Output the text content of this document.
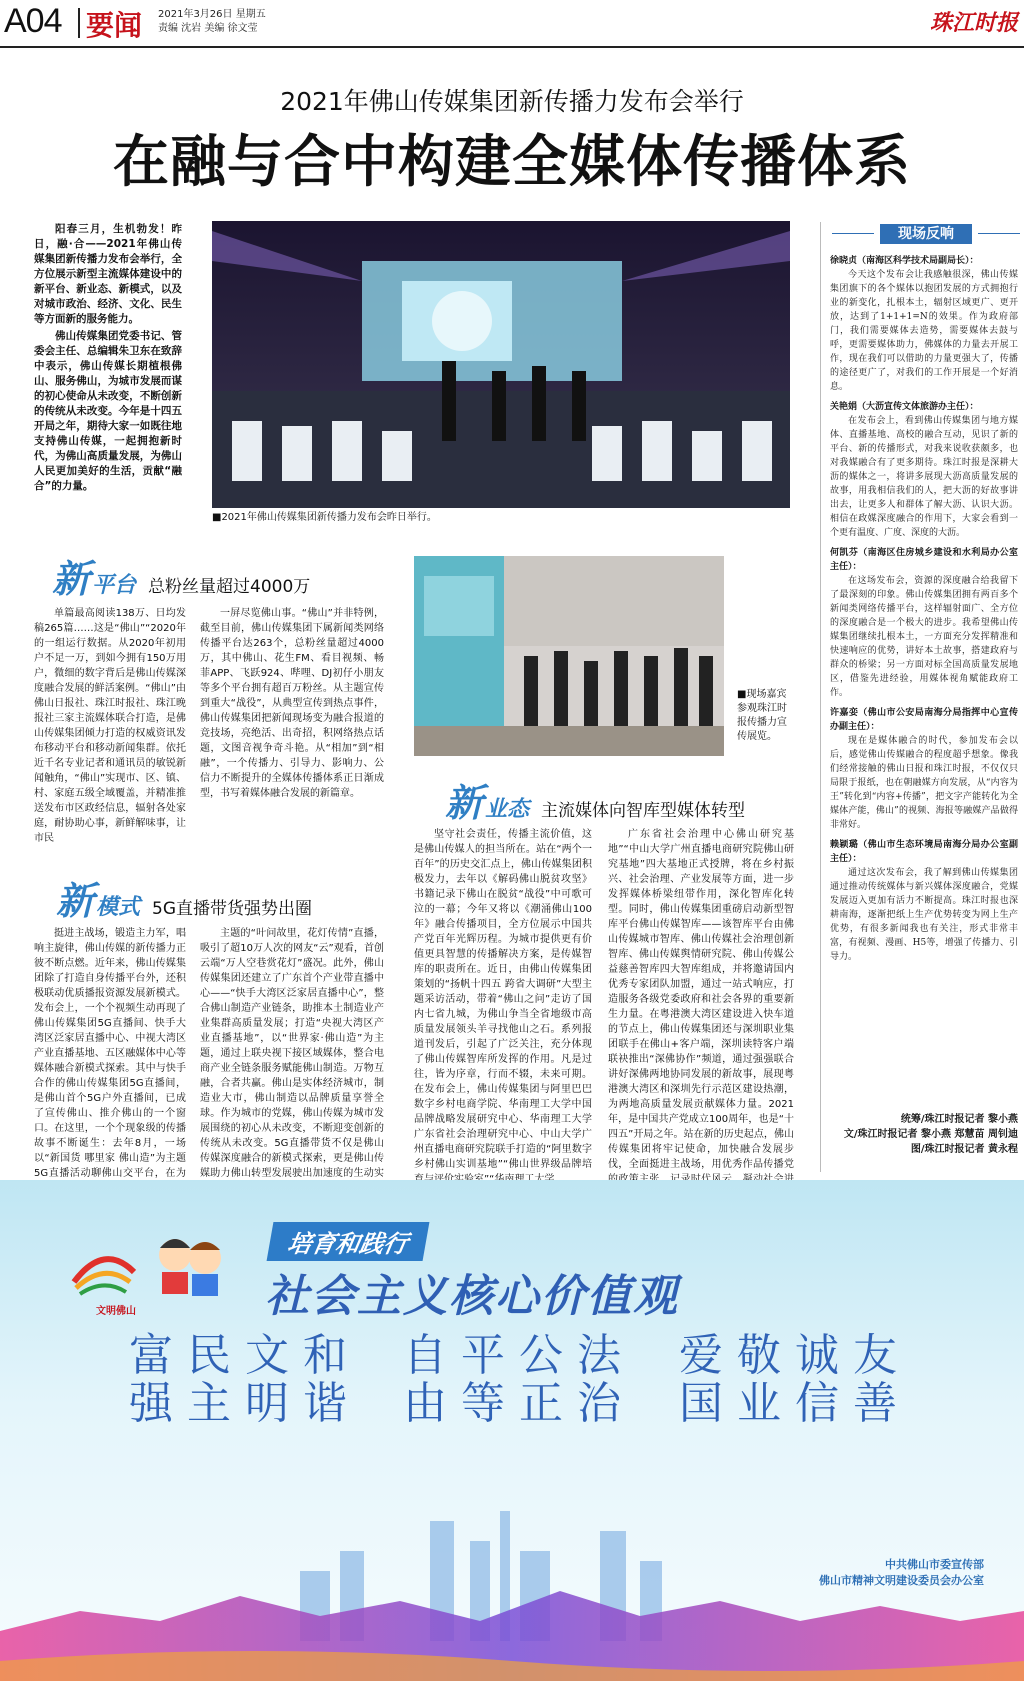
A04 要闻 2021年3月26日 星期五
责编 沈岩 美编 徐文莹	珠江时报
2021年佛山传媒集团新传播力发布会举行
在融与合中构建全媒体传播体系

阳春三月，生机勃发！昨日，融·合——2021年佛山传媒集团新传播力发布会举行，全方位展示新型主流媒体建设中的新平台、新业态、新模式，以及对城市政治、经济、文化、民生等方面新的服务能力。

佛山传媒集团党委书记、管委会主任、总编辑朱卫东在致辞中表示，佛山传媒长期植根佛山、服务佛山，为城市发展而谋的初心使命从未改变，不断创新的传统从未改变。今年是十四五开局之年，期待大家一如既往地支持佛山传媒，一起拥抱新时代，为佛山高质量发展，为佛山人民更加美好的生活，贡献“融合”的力量。

■2021年佛山传媒集团新传播力发布会昨日举行。
新 平台 总粉丝量超过4000万

单篇最高阅读138万、日均发稿265篇……这是“佛山”“2020年的一组运行数据。从2020年初用户不足一万，到如今拥有150万用户，微细的数字背后是佛山传媒深度融合发展的鲜活案例。“佛山”由佛山日报社、珠江时报社、珠江晚报社三家主流媒体联合打造，是佛山传媒集团倾力打造的权威资讯发布移动平台和移动新闻集群。依托近千名专业记者和通讯员的敏锐新闻触角，“佛山”实现市、区、镇、村、家庭五级全域覆盖，并精准推送发布市区政经信息，辐射各处家庭，耐协助心事，新鲜解味事，让市民

一屏尽览佛山事。“佛山”并非特例，截至目前，佛山传媒集团下属新闻类网络传播平台达263个，总粉丝量超过4000万，其中佛山、花生FM、看目视频、畅菲APP、飞跃924、哔哩、DJ初仔小朋友等多个平台拥有超百万粉丝。从主题宣传到重大“战役”，从典型宣传到热点事件，佛山传媒集团把新闻现场变为融合报道的竞技场，亮绝活、出奇招，积网络热点话题，文图音视争奇斗艳。从“相加”到“相融”，一个传播力、引导力、影响力、公信力不断提升的全媒体传播体系正日渐成型，书写着媒体融合发展的新篇章。

■现场嘉宾参观珠江时报传播力宣传展览。
新 业态 主流媒体向智库型媒体转型

坚守社会责任，传播主流价值，这是佛山传媒人的担当所在。站在“两个一百年”的历史交汇点上，佛山传媒集团积极发力，去年以《解码佛山脱贫攻坚》书籍记录下佛山在脱贫“战役”中可歌可泣的一幕；今年又将以《潮涌佛山100年》融合传播项目，全方位展示中国共产党百年光辉历程。为城市提供更有价值更具智慧的传播解决方案，是传媒智库的职责所在。近日，由佛山传媒集团策划的“扬帆十四五 跨省大调研”大型主题采访活动，带着“佛山之问”走访了国内七省九城，为佛山争当全省地级市高质量发展领头羊寻找他山之石。系列报道刊发后，引起了广泛关注，充分体现了佛山传媒智库所发挥的作用。凡是过往，皆为序章，行而不辍，未来可期。在发布会上，佛山传媒集团与阿里巴巴数字乡村电商学院、华南理工大学中国品牌战略发展研究中心、华南理工大学广东省社会治理研究中心、中山大学广州直播电商研究院联手打造的“阿里数字乡村佛山实训基地”“佛山世界级品牌培

广东省社会治理中心佛山研究基地”“中山大学广州直播电商研究院佛山研究基地”四大基地正式授牌，将在乡村振兴、社会治理、产业发展等方面，进一步发挥媒体桥梁纽带作用，深化智库化转型。同时，佛山传媒集团重磅启动新型智库平台佛山传媒智库——该智库平台由佛山传媒城市智库、佛山传媒社会治理创新智库、佛山传媒舆情研究院、佛山传媒公益慈善智库四大智库组成，并将邀请国内优秀专家团队加盟，通过一站式响应，打造服务各级党委政府和社会各界的重要新生力量。在粤港澳大湾区建设进入快车道的节点上，佛山传媒集团还与深圳职业集团联手在佛山+客户端，深圳读特客户端联袂推出“深佛协作”频道，通过强强联合讲好深佛两地协同发展的新故事，展现粤港澳大湾区和深圳先行示范区建设热潮，为两地高质量发展贡献媒体力量。2021年，是中国共产党成立100周年，也是“十四五”开局之年。站在新的历史起点，佛山传媒集团将牢记使命，加快融合发展步伐，全面挺进主战场，用优秀作品传播党

新 模式 5G直播带货强势出圈

挺进主战场，锻造主力军，唱响主旋律，佛山传媒的新传播力正彼不断点燃。近年来，佛山传媒集团除了打造自身传播平台外，还积极联动优质播报资源发展新模式。发布会上，一个个视频生动再现了佛山传媒集团5G直播间、快手大湾区泛家居直播中心、中视大湾区产业直播基地、五区融媒体中心等媒体融合新模式探索。其中与快手合作的佛山传媒集团5G直播间，是佛山首个5G户外直播间，已成了宣传佛山、推介佛山的一个窗口。在这里，一个个现象级的传播故事不断诞生：去年8月，一场以“新国货 哪里家 佛山造”为主题5G直播活动聊佛山交平台，在为

主题的“叶问故里，花灯传情”直播，吸引了超10万人次的网友“云”观看，首创云端“万人空巷赏花灯”盛况。此外，佛山传媒集团还建立了广东首个产业带直播中心——“快手大湾区泛家居直播中心”，整合佛山制造产业链条，助推本土制造业产业集群高质量发展；打造“央视大湾区产业直播基地”，以“世界家·佛山造”为主题，通过上联央视下接区域媒体，整合电商产业全链条服务赋能佛山制造。万物互融，合者共赢。佛山是实体经济城市，制造业大市，佛山制造以品牌质量享誉全球。作为城市的党媒，佛山传媒为城市发展围绕的初心从未改变，不断迎变创新的传统从未改变。5G直播带货不仅是佛山传媒深度融合的新模式探索，更是佛山传媒助力佛山转型发展驶出加速度的生动实

现场反响
徐晓贞（南海区科学技术局副局长）：
今天这个发布会让我感触很深，佛山传媒集团旗下的各个媒体以抱团发展的方式拥抱行业的新变化，扎根本土，辐射区域更广、更开放，达到了1+1+1=N的效果。作为政府部门，我们需要媒体去造势，需要媒体去鼓与呼，更需要媒体助力，佛媒体的力量去开展工作，现在我们可以借助的力量更强大了，传播的途径更广了，对我们的工作开展是一个好消息。
关艳娟（大沥宣传文体旅游办主任）：
在发布会上，看到佛山传媒集团与地方媒体、直播基地、高校的融合互动，见识了新的平台、新的传播形式，对我来说收获颇多，也对我媒融合有了更多期待。珠江时报是深耕大沥的媒体之一，将讲多展现大沥高质量发展的故事，用我相信我们的人，把大沥的好故事讲出去，让更多人和群体了解大沥、认识大沥。相信在政媒深度融合的作用下，大家会看到一个更有温度、广度、深度的大沥。
何凯芬（南海区住房城乡建设和水利局办公室主任）：
在这场发布会，资源的深度融合给我留下了最深刻的印象。佛山传媒集团拥有两百多个新闻类网络传播平台，这样辐射面广、全方位的深度融合是一个极大的进步。我希望佛山传媒集团继续扎根本土，一方面充分发挥精准和快速响应的优势，讲好本土故事，搭建政府与群众的桥梁；另一方面对标全国高质量发展地区，借鉴先进经验，用媒体视角赋能政府工作。
许嘉娈（佛山市公安局南海分局指挥中心宣传办副主任）：
现在是媒体融合的时代，参加发布会以后，感觉佛山传媒融合的程度超乎想象。像我们经常接触的佛山日报和珠江时报，不仅仅只局限于报纸，也在朝融媒方向发展，从“内容为王”转化到“内容+传播”，把文字产能转化为全媒体产能，佛山”的视频、海报等融媒产品做得非常好。
赖颖璐（佛山市生态环境局南海分局办公室副主任）：
通过这次发布会，我了解到佛山传媒集团通过推动传统媒体与新兴媒体深度融合，党媒发展迈入更加有活力不断提高。珠江时报也深耕南海，逐渐把纸上生产优势转变为网上生产优势，有很多新闻我也有关注，形式非常丰富，有视频、漫画、H5等，增强了传播力、引导力。
统筹/珠江时报记者 黎小燕
文/珠江时报记者 黎小燕 郑慧苗 周钊迪
图/珠江时报记者 黄永程
文明佛山
培育和践行
社会主义核心价值观
富强
民主
文明
和谐
自由
平等
公正
法治
爱国
敬业
诚信
友善
中共佛山市委宣传部
佛山市精神文明建设委员会办公室
